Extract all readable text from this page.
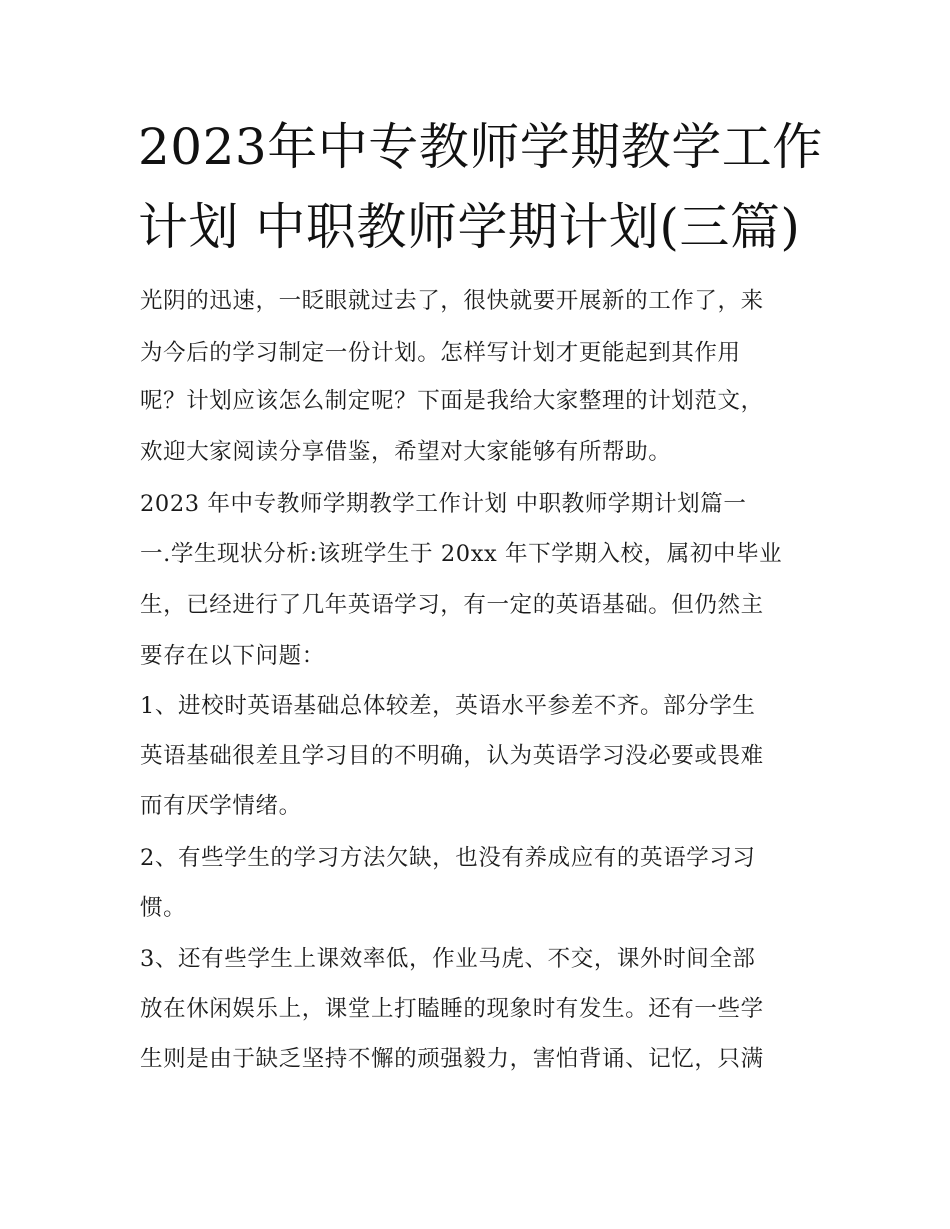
2023年中专教师学期教学工作
计划 中职教师学期计划(三篇)
光阴的迅速，一眨眼就过去了，很快就要开展新的工作了，来
为今后的学习制定一份计划。怎样写计划才更能起到其作用
呢？计划应该怎么制定呢？下面是我给大家整理的计划范文，
欢迎大家阅读分享借鉴，希望对大家能够有所帮助。
2023 年中专教师学期教学工作计划 中职教师学期计划篇一
一.学生现状分析:该班学生于 20xx 年下学期入校，属初中毕业
生，已经进行了几年英语学习，有一定的英语基础。但仍然主
要存在以下问题：
1、进校时英语基础总体较差，英语水平参差不齐。部分学生
英语基础很差且学习目的不明确，认为英语学习没必要或畏难
而有厌学情绪。
2、有些学生的学习方法欠缺，也没有养成应有的英语学习习
惯。
3、还有些学生上课效率低，作业马虎、不交，课外时间全部
放在休闲娱乐上，课堂上打瞌睡的现象时有发生。还有一些学
生则是由于缺乏坚持不懈的顽强毅力，害怕背诵、记忆，只满
